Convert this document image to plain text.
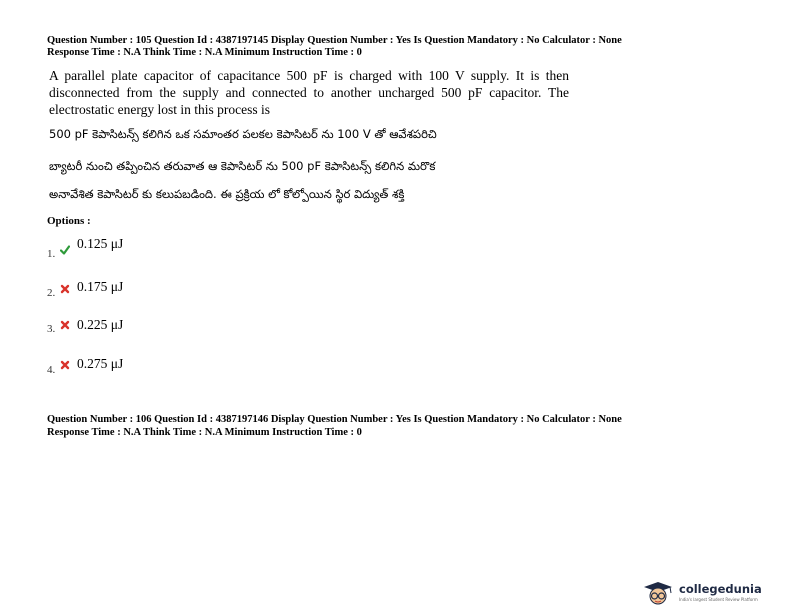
Question Number : 105 Question Id : 4387197145 Display Question Number : Yes Is Question Mandatory : No Calculator : None
Response Time : N.A Think Time : N.A Minimum Instruction Time : 0
A parallel plate capacitor of capacitance 500 pF is charged with 100 V supply. It is then disconnected from the supply and connected to another uncharged 500 pF capacitor. The electrostatic energy lost in this process is
500 pF కెపాసిటన్స్ కలిగిన ఒక సమాంతర పలకల కెపాసిటర్ ను 100 V తో ఆవేశపరిచి
బ్యాటరీ నుంచి తప్పించిన తరువాత ఆ కెపాసిటర్ ను 500 pF కెపాసిటన్స్ కలిగిన మరొక
అనావేశిత కెపాసిటర్ కు కలుపబడింది. ఈ ప్రక్రియ లో కోల్పోయిన స్థిర విద్యుత్ శక్తి
Options :
1.
0.125 μJ
2. 0.175 μJ
3. 0.225 μJ
4. 0.275 μJ
Question Number : 106 Question Id : 4387197146 Display Question Number : Yes Is Question Mandatory : No Calculator : None
Response Time : N.A Think Time : N.A Minimum Instruction Time : 0
collegedunia
India's largest Student Review Platform
